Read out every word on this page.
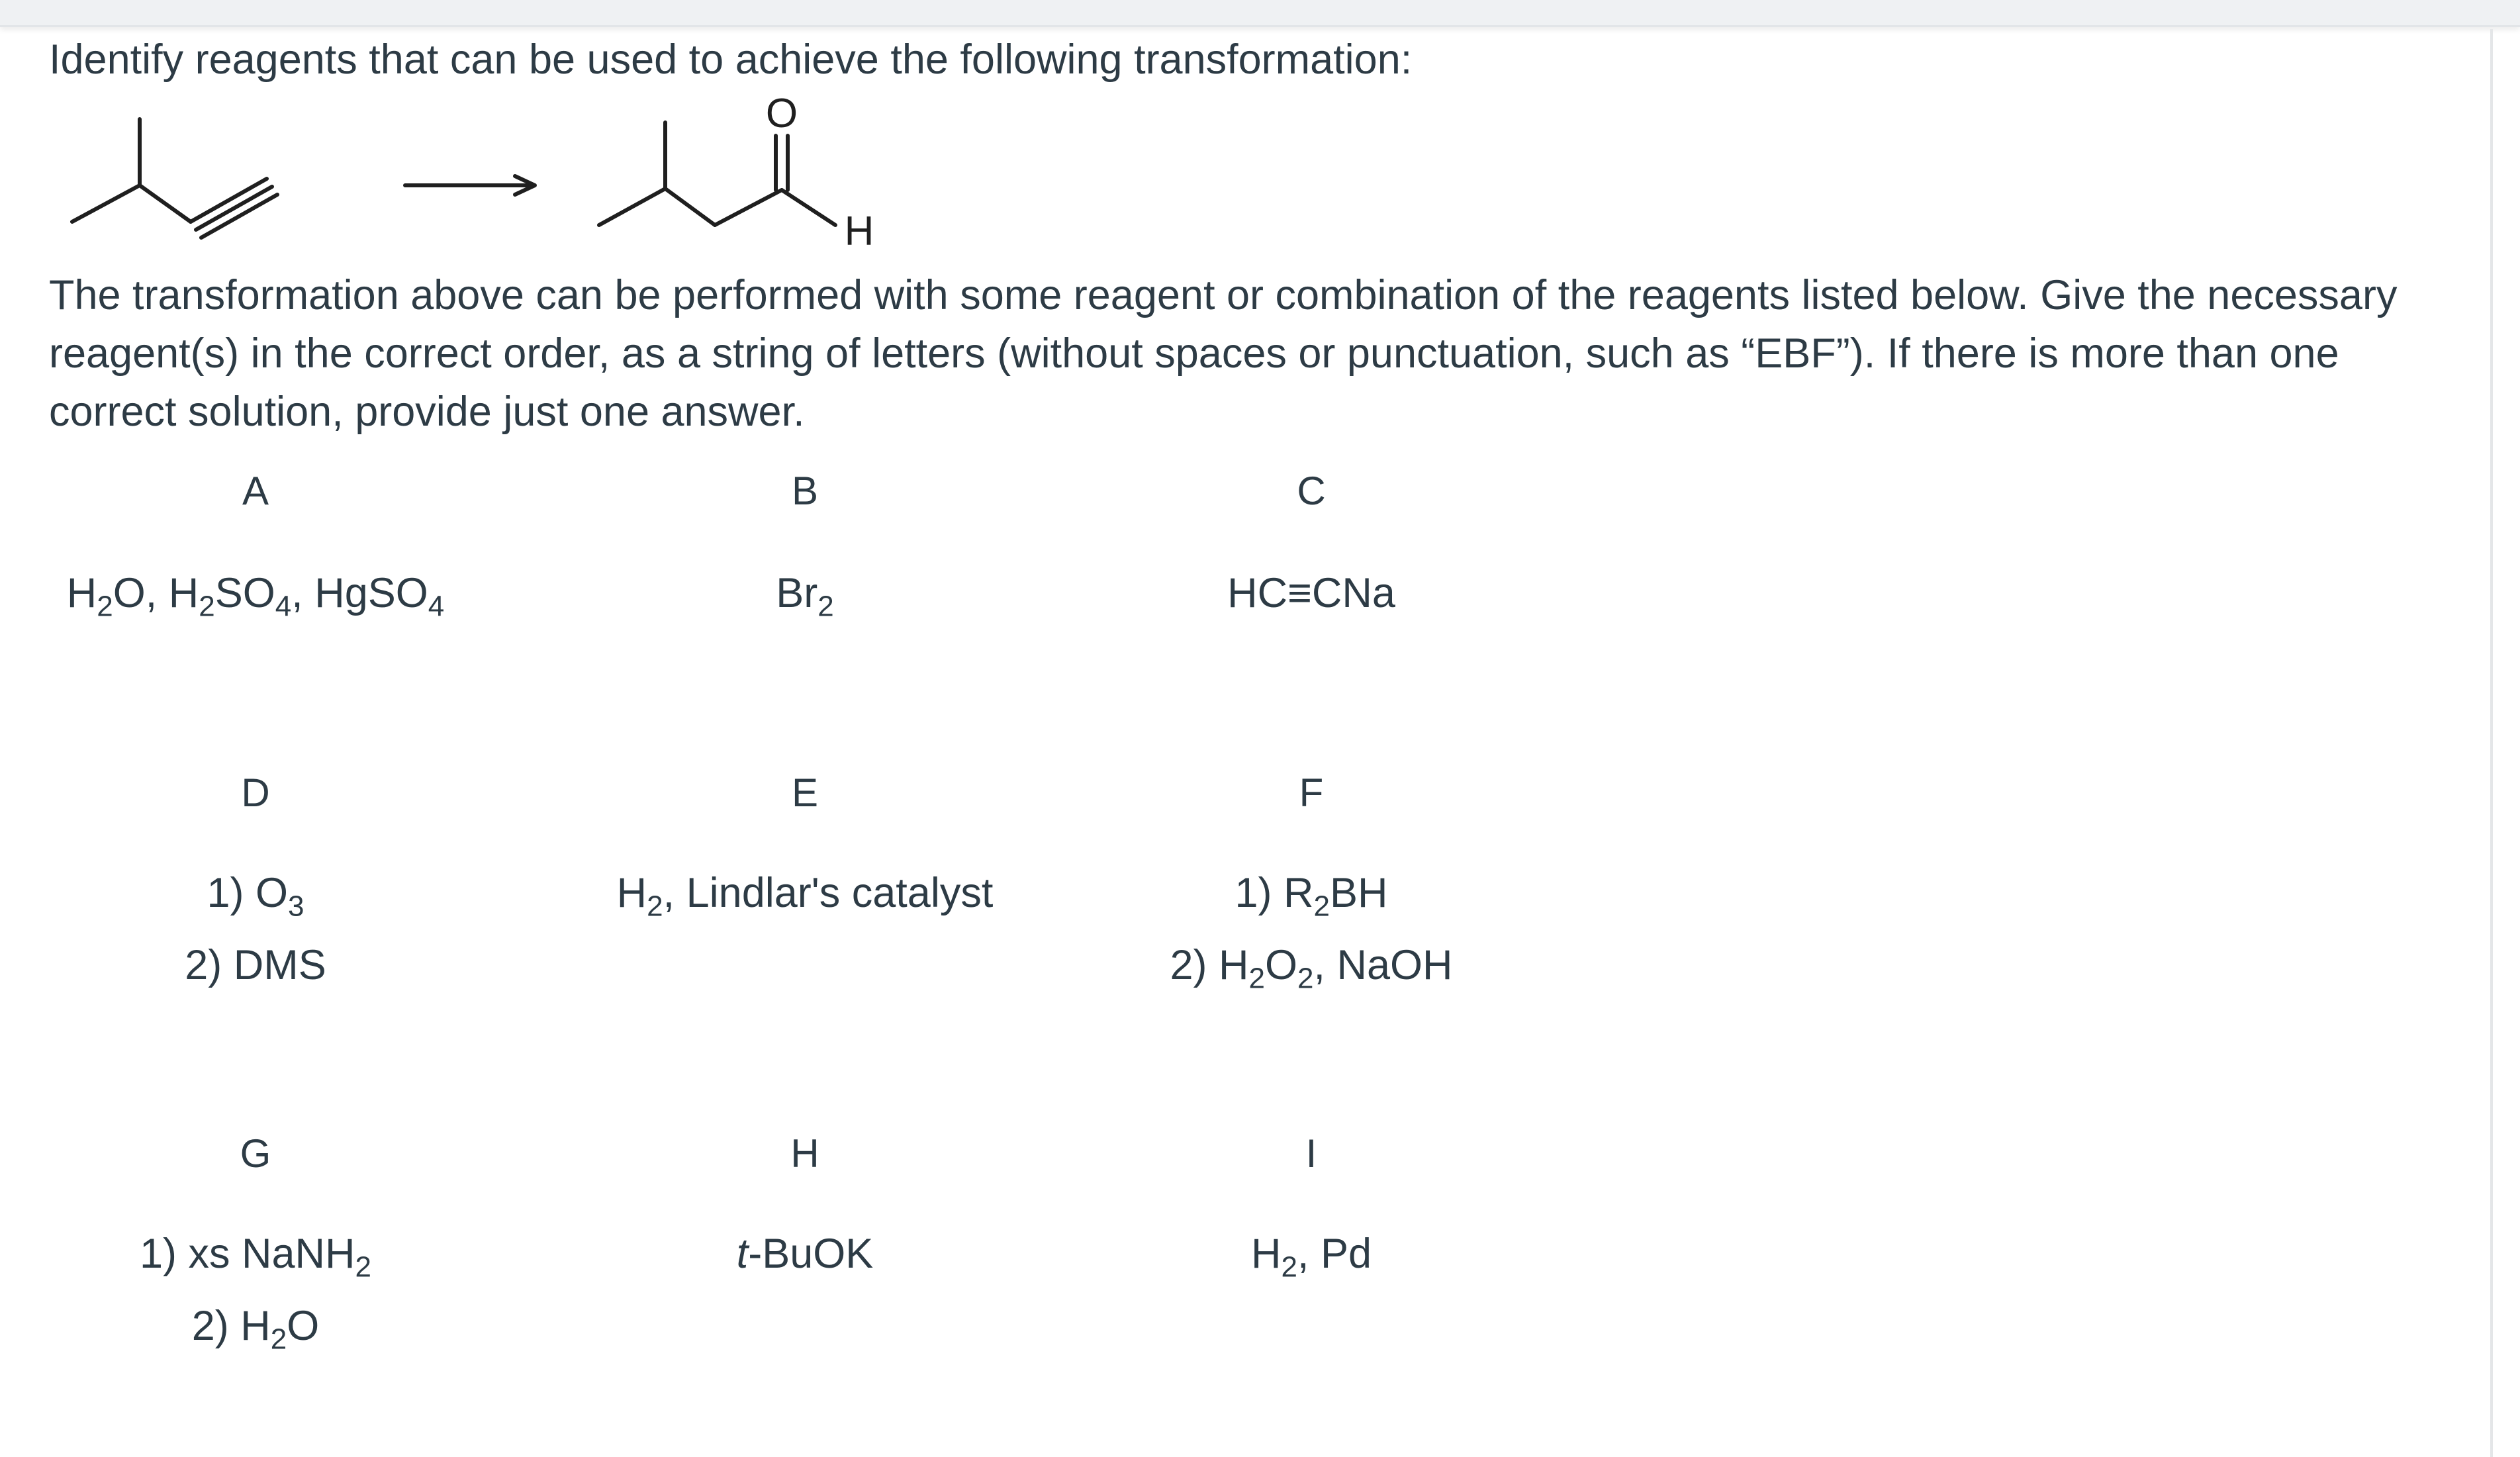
Identify reagents that can be used to achieve the following transformation:
O
H
The transformation above can be performed with some reagent or combination of the reagents listed below. Give the necessary reagent(s) in the correct order, as a string of letters (without spaces or punctuation, such as “EBF”). If there is more than one correct solution, provide just one answer.
A
$H_2O$, $H_2SO_4$, HgSO$_4$
B
$Br_2$
C
HC≡CNa
D
1) $O_3$
2) DMS
E
$H_2$, Lindlar's catalyst
F
1) $R_2BH$
2) $H_2O_2$, NaOH
G
1) xs NaNH$_2$
2) $H_2O$
H
t-BuOK
I
$H_2$, Pd
